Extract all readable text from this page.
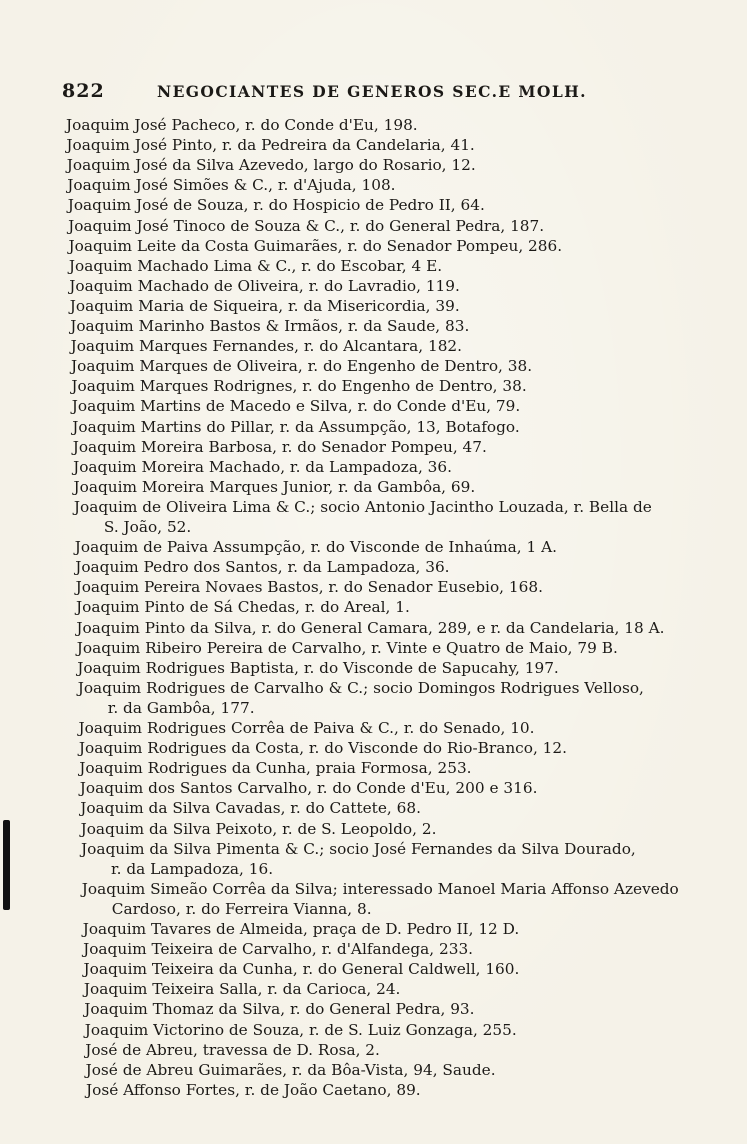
822	NEGOCIANTES DE GENEROS SEC.E MOLH.
Joaquim José Pacheco, r. do Conde d'Eu, 198.
Joaquim José Pinto, r. da Pedreira da Candelaria, 41.
Joaquim José da Silva Azevedo, largo do Rosario, 12.
Joaquim José Simões & C., r. d'Ajuda, 108.
Joaquim José de Souza, r. do Hospicio de Pedro II, 64.
Joaquim José Tinoco de Souza & C., r. do General Pedra, 187.
Joaquim Leite da Costa Guimarães, r. do Senador Pompeu, 286.
Joaquim Machado Lima & C., r. do Escobar, 4 E.
Joaquim Machado de Oliveira, r. do Lavradio, 119.
Joaquim Maria de Siqueira, r. da Misericordia, 39.
Joaquim Marinho Bastos & Irmãos, r. da Saude, 83.
Joaquim Marques Fernandes, r. do Alcantara, 182.
Joaquim Marques de Oliveira, r. do Engenho de Dentro, 38.
Joaquim Marques Rodrignes, r. do Engenho de Dentro, 38.
Joaquim Martins de Macedo e Silva, r. do Conde d'Eu, 79.
Joaquim Martins do Pillar, r. da Assumpção, 13, Botafogo.
Joaquim Moreira Barbosa, r. do Senador Pompeu, 47.
Joaquim Moreira Machado, r. da Lampadoza, 36.
Joaquim Moreira Marques Junior, r. da Gambôa, 69.
Joaquim de Oliveira Lima & C.; socio Antonio Jacintho Louzada, r. Bella de
S. João, 52.
Joaquim de Paiva Assumpção, r. do Visconde de Inhaúma, 1 A.
Joaquim Pedro dos Santos, r. da Lampadoza, 36.
Joaquim Pereira Novaes Bastos, r. do Senador Eusebio, 168.
Joaquim Pinto de Sá Chedas, r. do Areal, 1.
Joaquim Pinto da Silva, r. do General Camara, 289, e r. da Candelaria, 18 A.
Joaquim Ribeiro Pereira de Carvalho, r. Vinte e Quatro de Maio, 79 B.
Joaquim Rodrigues Baptista, r. do Visconde de Sapucahy, 197.
Joaquim Rodrigues de Carvalho & C.; socio Domingos Rodrigues Velloso,
r. da Gambôa, 177.
Joaquim Rodrigues Corrêa de Paiva & C., r. do Senado, 10.
Joaquim Rodrigues da Costa, r. do Visconde do Rio-Branco, 12.
Joaquim Rodrigues da Cunha, praia Formosa, 253.
Joaquim dos Santos Carvalho, r. do Conde d'Eu, 200 e 316.
Joaquim da Silva Cavadas, r. do Cattete, 68.
Joaquim da Silva Peixoto, r. de S. Leopoldo, 2.
Joaquim da Silva Pimenta & C.; socio José Fernandes da Silva Dourado,
r. da Lampadoza, 16.
Joaquim Simeão Corrêa da Silva; interessado Manoel Maria Affonso Azevedo
Cardoso, r. do Ferreira Vianna, 8.
Joaquim Tavares de Almeida, praça de D. Pedro II, 12 D.
Joaquim Teixeira de Carvalho, r. d'Alfandega, 233.
Joaquim Teixeira da Cunha, r. do General Caldwell, 160.
Joaquim Teixeira Salla, r. da Carioca, 24.
Joaquim Thomaz da Silva, r. do General Pedra, 93.
Joaquim Victorino de Souza, r. de S. Luiz Gonzaga, 255.
José de Abreu, travessa de D. Rosa, 2.
José de Abreu Guimarães, r. da Bôa-Vista, 94, Saude.
José Affonso Fortes, r. de João Caetano, 89.
